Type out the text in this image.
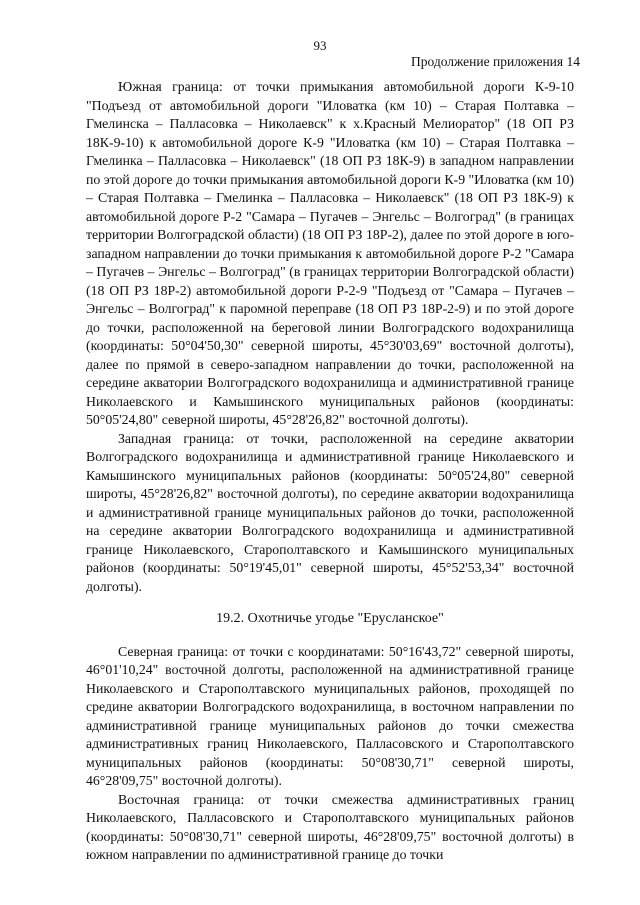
93
Продолжение приложения 14

Южная граница: от точки примыкания автомобильной дороги К-9-10 "Подъезд от автомобильной дороги "Иловатка (км 10) – Старая Полтавка – Гмелинска – Палласовка – Николаевск" к х.Красный Мелиоратор" (18 ОП РЗ 18К-9-10) к автомобильной дороге К-9 "Иловатка (км 10) – Старая Полтавка – Гмелинка – Палласовка – Николаевск" (18 ОП РЗ 18К-9) в западном направлении по этой дороге до точки примыкания автомобильной дороги К-9 "Иловатка (км 10) – Старая Полтавка – Гмелинка – Палласовка – Николаевск" (18 ОП РЗ 18К-9) к автомобильной дороге Р-2 "Самара – Пугачев – Энгельс – Волгоград" (в границах территории Волгоградской области) (18 ОП РЗ 18Р-2), далее по этой дороге в юго-западном направлении до точки примыкания к автомобильной дороге Р-2 "Самара – Пугачев – Энгельс – Волгоград" (в границах территории Волгоградской области) (18 ОП РЗ 18Р-2) автомобильной дороги Р-2-9 "Подъезд от "Самара – Пугачев – Энгельс – Волгоград" к паромной переправе (18 ОП РЗ 18Р-2-9) и по этой дороге до точки, расположенной на береговой линии Волгоградского водохранилища (координаты: 50°04'50,30" северной широты, 45°30'03,69" восточной долготы), далее по прямой в северо-западном направлении до точки, расположенной на середине акватории Волгоградского водохранилища и административной границе Николаевского и Камышинского муниципальных районов (координаты: 50°05'24,80" северной широты, 45°28'26,82" восточной долготы).

Западная граница: от точки, расположенной на середине акватории Волгоградского водохранилища и административной границе Николаевского и Камышинского муниципальных районов (координаты: 50°05'24,80" северной широты, 45°28'26,82" восточной долготы), по середине акватории водохранилища и административной границе муниципальных районов до точки, расположенной на середине акватории Волгоградского водохранилища и административной границе Николаевского, Старополтавского и Камышинского муниципальных районов (координаты: 50°19'45,01" северной широты, 45°52'53,34" восточной долготы).

19.2. Охотничье угодье "Ерусланское"

Северная граница: от точки с координатами: 50°16'43,72" северной широты, 46°01'10,24" восточной долготы, расположенной на административной границе Николаевского и Старополтавского муниципальных районов, проходящей по средине акватории Волгоградского водохранилища, в восточном направлении по административной границе муниципальных районов до точки смежества административных границ Николаевского, Палласовского и Старополтавского муниципальных районов (координаты: 50°08'30,71" северной широты, 46°28'09,75" восточной долготы).

Восточная граница: от точки смежества административных границ Николаевского, Палласовского и Старополтавского муниципальных районов (координаты: 50°08'30,71" северной широты, 46°28'09,75" восточной долготы) в южном направлении по административной границе до точки
